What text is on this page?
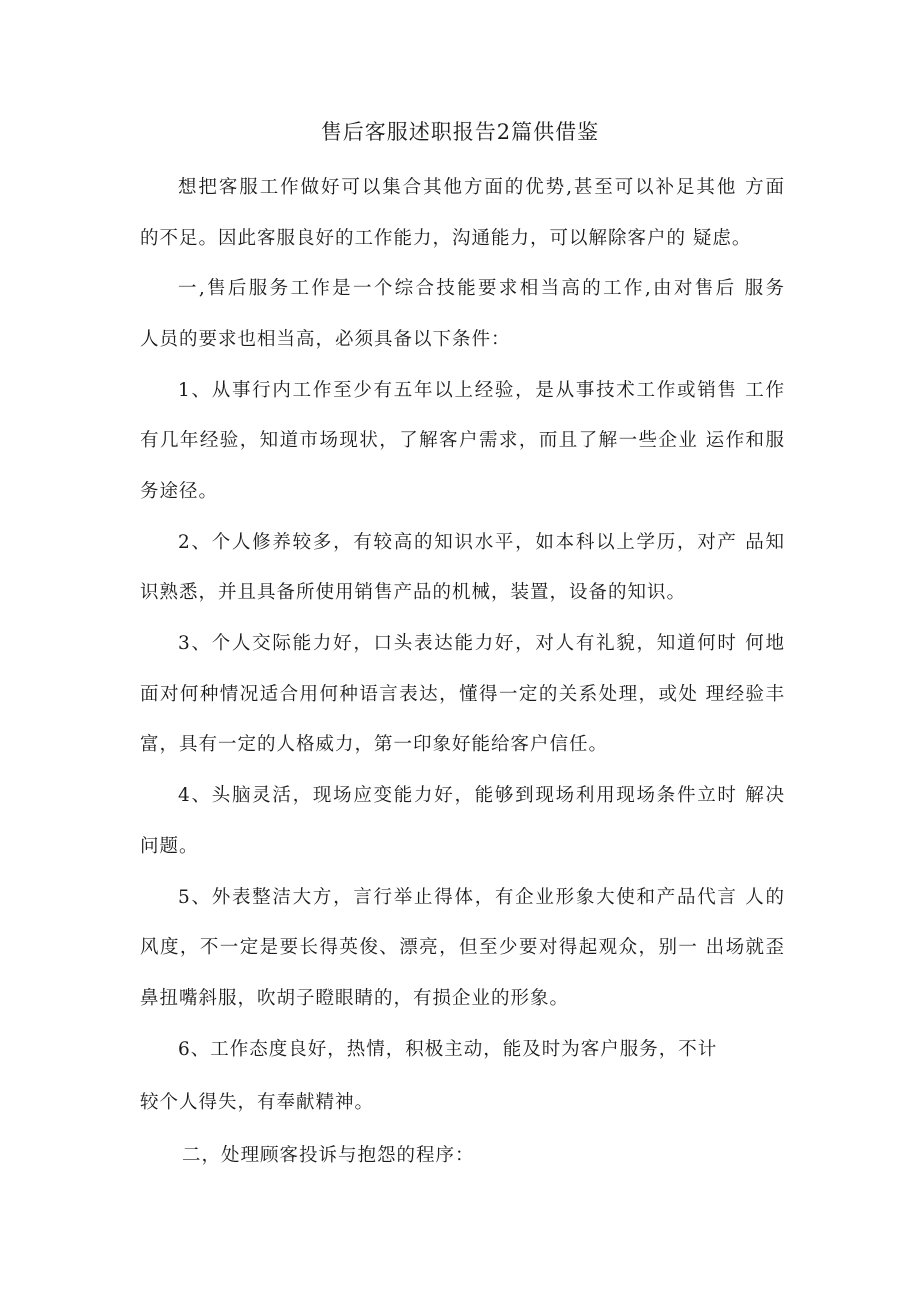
售后客服述职报告2篇供借鉴

想把客服工作做好可以集合其他方面的优势,甚至可以补足其他 方面

的不足。因此客服良好的工作能力，沟通能力，可以解除客户的 疑虑。

一,售后服务工作是一个综合技能要求相当高的工作,由对售后 服务

人员的要求也相当高，必须具备以下条件：

1、从事行内工作至少有五年以上经验，是从事技术工作或销售 工作

有几年经验，知道市场现状，了解客户需求，而且了解一些企业 运作和服

务途径。

2、个人修养较多，有较高的知识水平，如本科以上学历，对产 品知

识熟悉，并且具备所使用销售产品的机械，装置，设备的知识。

3、个人交际能力好，口头表达能力好，对人有礼貌，知道何时 何地

面对何种情况适合用何种语言表达，懂得一定的关系处理，或处 理经验丰

富，具有一定的人格威力，第一印象好能给客户信任。

4、头脑灵活，现场应变能力好，能够到现场利用现场条件立时 解决

问题。

5、外表整洁大方，言行举止得体，有企业形象大使和产品代言 人的

风度，不一定是要长得英俊、漂亮，但至少要对得起观众，别一 出场就歪

鼻扭嘴斜服，吹胡子瞪眼睛的，有损企业的形象。

6、工作态度良好，热情，积极主动，能及时为客户服务，不计

较个人得失，有奉献精神。

二，处理顾客投诉与抱怨的程序：
